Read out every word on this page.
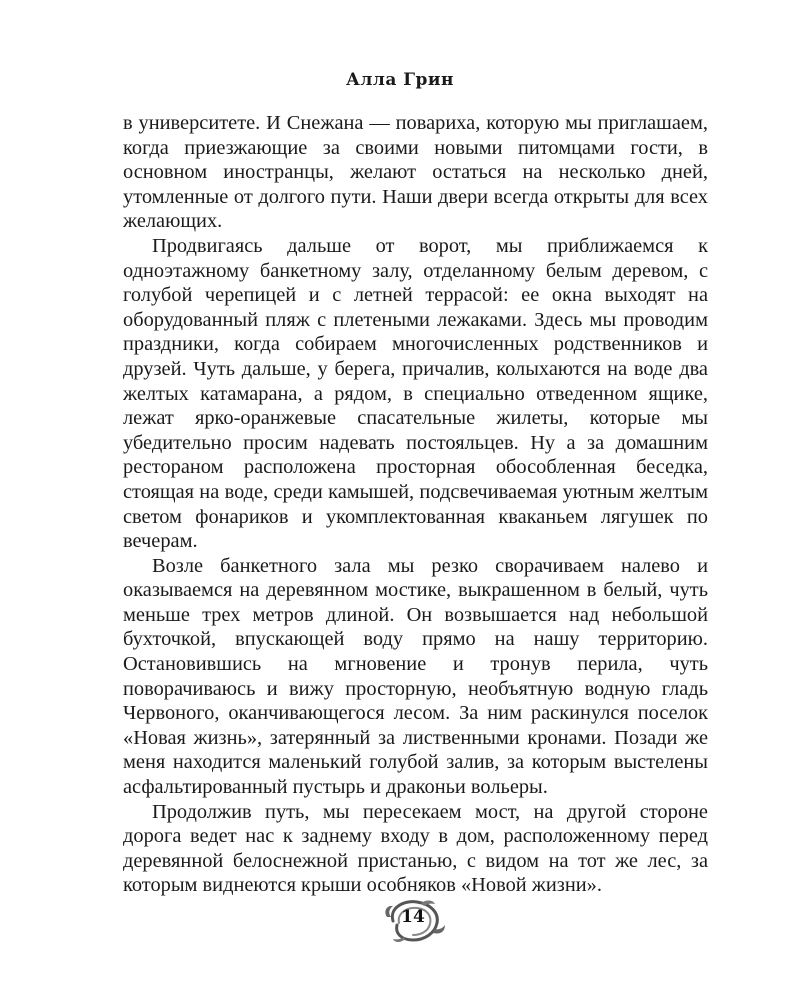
Алла Грин

в университете. И Снежана — повариха, которую мы приглашаем, когда приезжающие за своими новыми питомцами гости, в основном иностранцы, желают остаться на несколько дней, утомленные от долгого пути. Наши двери всегда открыты для всех желающих.

Продвигаясь дальше от ворот, мы приближаемся к одноэтажному банкетному залу, отделанному белым деревом, с голубой черепицей и с летней террасой: ее окна выходят на оборудованный пляж с плетеными лежаками. Здесь мы проводим праздники, когда собираем многочисленных родственников и друзей. Чуть дальше, у берега, причалив, колыхаются на воде два желтых катамарана, а рядом, в специально отведенном ящике, лежат ярко-оранжевые спасательные жилеты, которые мы убедительно просим надевать постояльцев. Ну а за домашним рестораном расположена просторная обособленная беседка, стоящая на воде, среди камышей, подсвечиваемая уютным желтым светом фонариков и укомплектованная кваканьем лягушек по вечерам.

Возле банкетного зала мы резко сворачиваем налево и оказываемся на деревянном мостике, выкрашенном в белый, чуть меньше трех метров длиной. Он возвышается над небольшой бухточкой, впускающей воду прямо на нашу территорию. Остановившись на мгновение и тронув перила, чуть поворачиваюсь и вижу просторную, необъятную водную гладь Червоного, оканчивающегося лесом. За ним раскинулся поселок «Новая жизнь», затерянный за лиственными кронами. Позади же меня находится маленький голубой залив, за которым выстелены асфальтированный пустырь и драконьи вольеры.

Продолжив путь, мы пересекаем мост, на другой стороне дорога ведет нас к заднему входу в дом, расположенному перед деревянной белоснежной пристанью, с видом на тот же лес, за которым виднеются крыши особняков «Новой жизни».

14
